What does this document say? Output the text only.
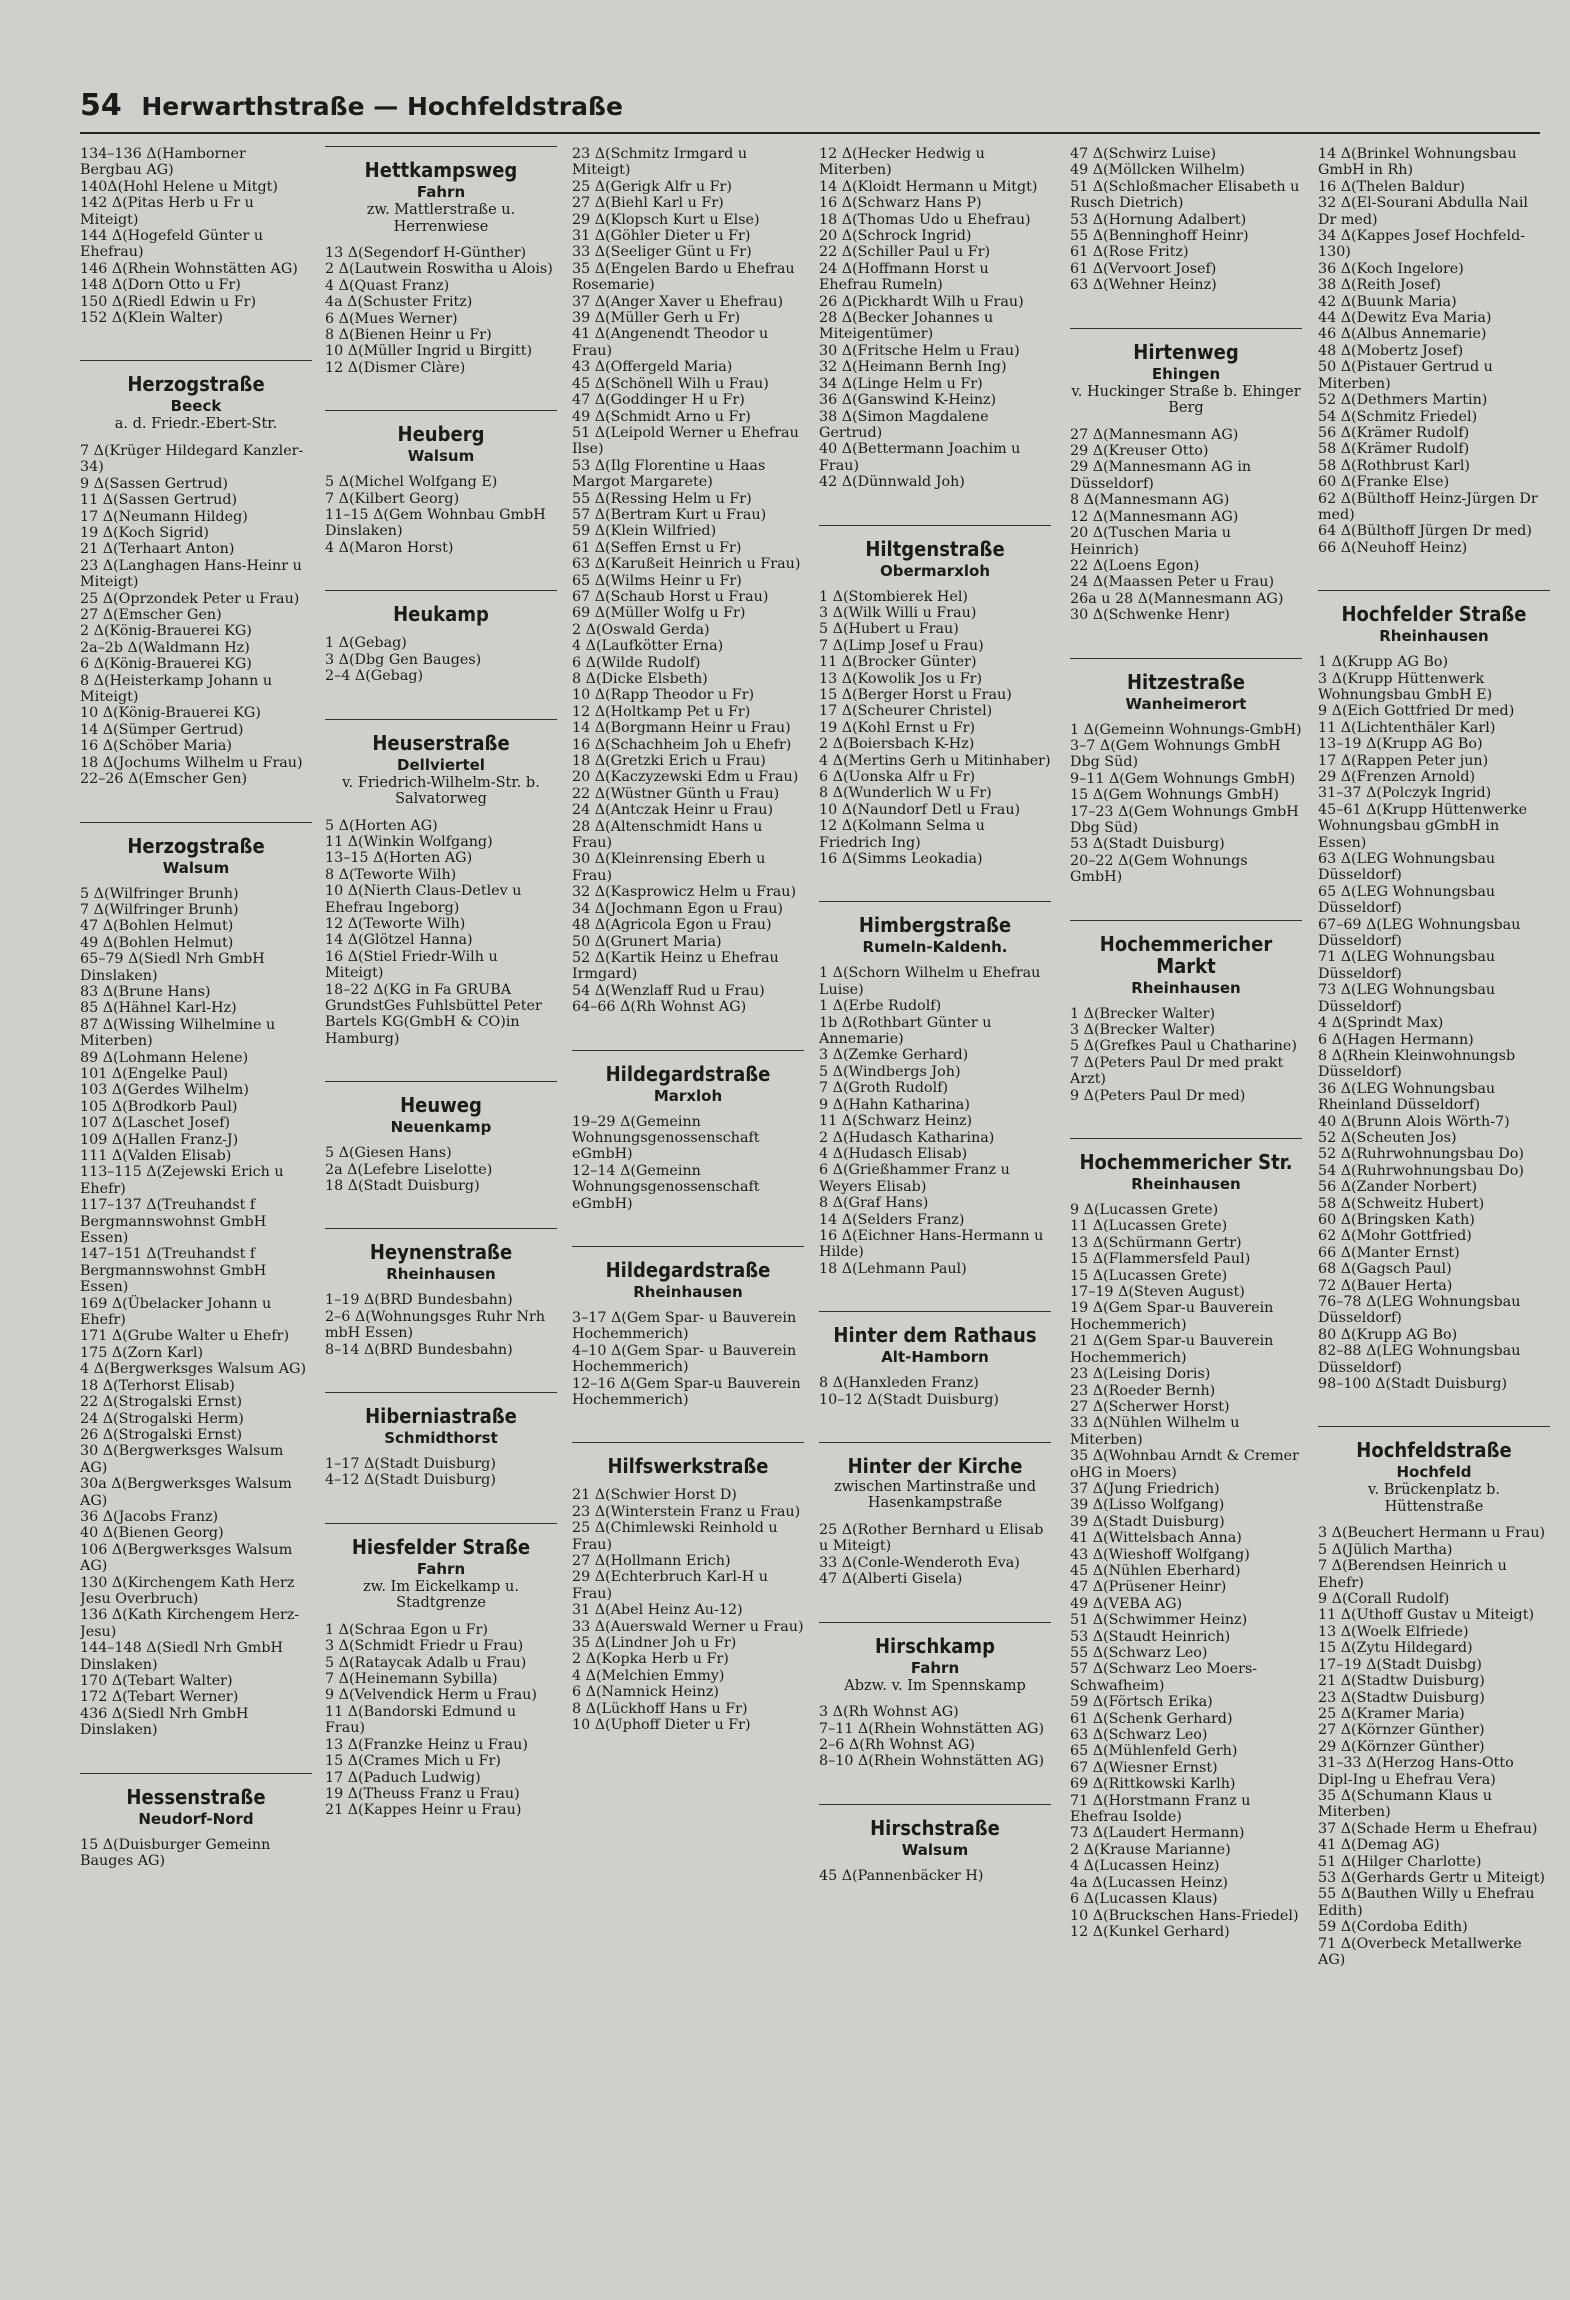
54 Herwarthstraße — Hochfeldstraße

134–136 Δ(Hamborner Bergbau AG)

140Δ(Hohl Helene u Mitgt)

142 Δ(Pitas Herb u Fr u Miteigt)

144 Δ(Hogefeld Günter u Ehefrau)

146 Δ(Rhein Wohnstätten AG)

148 Δ(Dorn Otto u Fr)

150 Δ(Riedl Edwin u Fr)

152 Δ(Klein Walter)

Herzogstraße
Beeck
a. d. Friedr.-Ebert-Str.

7 Δ(Krüger Hildegard Kanzler-34)

9 Δ(Sassen Gertrud)

11 Δ(Sassen Gertrud)

17 Δ(Neumann Hildeg)

19 Δ(Koch Sigrid)

21 Δ(Terhaart Anton)

23 Δ(Langhagen Hans-Heinr u Miteigt)

25 Δ(Oprzondek Peter u Frau)

27 Δ(Emscher Gen)

2 Δ(König-Brauerei KG)

2a–2b Δ(Waldmann Hz)

6 Δ(König-Brauerei KG)

8 Δ(Heisterkamp Johann u Miteigt)

10 Δ(König-Brauerei KG)

14 Δ(Sümper Gertrud)

16 Δ(Schöber Maria)

18 Δ(Jochums Wilhelm u Frau)

22–26 Δ(Emscher Gen)

Herzogstraße
Walsum

5 Δ(Wilfringer Brunh)

7 Δ(Wilfringer Brunh)

47 Δ(Bohlen Helmut)

49 Δ(Bohlen Helmut)

65–79 Δ(Siedl Nrh GmbH Dinslaken)

83 Δ(Brune Hans)

85 Δ(Hähnel Karl-Hz)

87 Δ(Wissing Wilhelmine u Miterben)

89 Δ(Lohmann Helene)

101 Δ(Engelke Paul)

103 Δ(Gerdes Wilhelm)

105 Δ(Brodkorb Paul)

107 Δ(Laschet Josef)

109 Δ(Hallen Franz-J)

111 Δ(Valden Elisab)

113–115 Δ(Zejewski Erich u Ehefr)

117–137 Δ(Treuhandst f Bergmannswohnst GmbH Essen)

147–151 Δ(Treuhandst f Bergmannswohnst GmbH Essen)

169 Δ(Übelacker Johann u Ehefr)

171 Δ(Grube Walter u Ehefr)

175 Δ(Zorn Karl)

4 Δ(Bergwerksges Walsum AG)

18 Δ(Terhorst Elisab)

22 Δ(Strogalski Ernst)

24 Δ(Strogalski Herm)

26 Δ(Strogalski Ernst)

30 Δ(Bergwerksges Walsum AG)

30a Δ(Bergwerksges Walsum AG)

36 Δ(Jacobs Franz)

40 Δ(Bienen Georg)

106 Δ(Bergwerksges Walsum AG)

130 Δ(Kirchengem Kath Herz Jesu Overbruch)

136 Δ(Kath Kirchengem Herz-Jesu)

144–148 Δ(Siedl Nrh GmbH Dinslaken)

170 Δ(Tebart Walter)

172 Δ(Tebart Werner)

436 Δ(Siedl Nrh GmbH Dinslaken)

Hessenstraße
Neudorf-Nord

15 Δ(Duisburger Gemeinn Bauges AG)

Hettkampsweg
Fahrn
zw. Mattlerstraße u. Herrenwiese

13 Δ(Segendorf H-Günther)

2 Δ(Lautwein Roswitha u Alois)

4 Δ(Quast Franz)

4a Δ(Schuster Fritz)

6 Δ(Mues Werner)

8 Δ(Bienen Heinr u Fr)

10 Δ(Müller Ingrid u Birgitt)

12 Δ(Dismer Clàre)

Heuberg
Walsum

5 Δ(Michel Wolfgang E)

7 Δ(Kilbert Georg)

11–15 Δ(Gem Wohnbau GmbH Dinslaken)

4 Δ(Maron Horst)

Heukamp

1 Δ(Gebag)

3 Δ(Dbg Gen Bauges)

2–4 Δ(Gebag)

Heuserstraße
Dellviertel
v. Friedrich-Wilhelm-Str. b. Salvatorweg

5 Δ(Horten AG)

11 Δ(Winkin Wolfgang)

13–15 Δ(Horten AG)

8 Δ(Teworte Wilh)

10 Δ(Nierth Claus-Detlev u Ehefrau Ingeborg)

12 Δ(Teworte Wilh)

14 Δ(Glötzel Hanna)

16 Δ(Stiel Friedr-Wilh u Miteigt)

18–22 Δ(KG in Fa GRUBA GrundstGes Fuhlsbüttel Peter Bartels KG(GmbH & CO)in Hamburg)

Heuweg
Neuenkamp

5 Δ(Giesen Hans)

2a Δ(Lefebre Liselotte)

18 Δ(Stadt Duisburg)

Heynenstraße
Rheinhausen

1–19 Δ(BRD Bundesbahn)

2–6 Δ(Wohnungsges Ruhr Nrh mbH Essen)

8–14 Δ(BRD Bundesbahn)

Hiberniastraße
Schmidthorst

1–17 Δ(Stadt Duisburg)

4–12 Δ(Stadt Duisburg)

Hiesfelder Straße
Fahrn
zw. Im Eickelkamp u. Stadtgrenze

1 Δ(Schraa Egon u Fr)

3 Δ(Schmidt Friedr u Frau)

5 Δ(Rataycak Adalb u Frau)

7 Δ(Heinemann Sybilla)

9 Δ(Velvendick Herm u Frau)

11 Δ(Bandorski Edmund u Frau)

13 Δ(Franzke Heinz u Frau)

15 Δ(Crames Mich u Fr)

17 Δ(Paduch Ludwig)

19 Δ(Theuss Franz u Frau)

21 Δ(Kappes Heinr u Frau)

23 Δ(Schmitz Irmgard u Miteigt)

25 Δ(Gerigk Alfr u Fr)

27 Δ(Biehl Karl u Fr)

29 Δ(Klopsch Kurt u Else)

31 Δ(Göhler Dieter u Fr)

33 Δ(Seeliger Günt u Fr)

35 Δ(Engelen Bardo u Ehefrau Rosemarie)

37 Δ(Anger Xaver u Ehefrau)

39 Δ(Müller Gerh u Fr)

41 Δ(Angenendt Theodor u Frau)

43 Δ(Offergeld Maria)

45 Δ(Schönell Wilh u Frau)

47 Δ(Goddinger H u Fr)

49 Δ(Schmidt Arno u Fr)

51 Δ(Leipold Werner u Ehefrau Ilse)

53 Δ(Ilg Florentine u Haas Margot Margarete)

55 Δ(Ressing Helm u Fr)

57 Δ(Bertram Kurt u Frau)

59 Δ(Klein Wilfried)

61 Δ(Seffen Ernst u Fr)

63 Δ(Karußeit Heinrich u Frau)

65 Δ(Wilms Heinr u Fr)

67 Δ(Schaub Horst u Frau)

69 Δ(Müller Wolfg u Fr)

2 Δ(Oswald Gerda)

4 Δ(Laufkötter Erna)

6 Δ(Wilde Rudolf)

8 Δ(Dicke Elsbeth)

10 Δ(Rapp Theodor u Fr)

12 Δ(Holtkamp Pet u Fr)

14 Δ(Borgmann Heinr u Frau)

16 Δ(Schachheim Joh u Ehefr)

18 Δ(Gretzki Erich u Frau)

20 Δ(Kaczyzewski Edm u Frau)

22 Δ(Wüstner Günth u Frau)

24 Δ(Antczak Heinr u Frau)

28 Δ(Altenschmidt Hans u Frau)

30 Δ(Kleinrensing Eberh u Frau)

32 Δ(Kasprowicz Helm u Frau)

34 Δ(Jochmann Egon u Frau)

48 Δ(Agricola Egon u Frau)

50 Δ(Grunert Maria)

52 Δ(Kartik Heinz u Ehefrau Irmgard)

54 Δ(Wenzlaff Rud u Frau)

64–66 Δ(Rh Wohnst AG)

Hildegardstraße
Marxloh

19–29 Δ(Gemeinn Wohnungsgenossenschaft eGmbH)

12–14 Δ(Gemeinn Wohnungsgenossenschaft eGmbH)

Hildegardstraße
Rheinhausen

3–17 Δ(Gem Spar- u Bauverein Hochemmerich)

4–10 Δ(Gem Spar- u Bauverein Hochemmerich)

12–16 Δ(Gem Spar-u Bauverein Hochemmerich)

Hilfswerkstraße

21 Δ(Schwier Horst D)

23 Δ(Winterstein Franz u Frau)

25 Δ(Chimlewski Reinhold u Frau)

27 Δ(Hollmann Erich)

29 Δ(Echterbruch Karl-H u Frau)

31 Δ(Abel Heinz Au-12)

33 Δ(Auerswald Werner u Frau)

35 Δ(Lindner Joh u Fr)

2 Δ(Kopka Herb u Fr)

4 Δ(Melchien Emmy)

6 Δ(Namnick Heinz)

8 Δ(Lückhoff Hans u Fr)

10 Δ(Uphoff Dieter u Fr)

12 Δ(Hecker Hedwig u Miterben)

14 Δ(Kloidt Hermann u Mitgt)

16 Δ(Schwarz Hans P)

18 Δ(Thomas Udo u Ehefrau)

20 Δ(Schrock Ingrid)

22 Δ(Schiller Paul u Fr)

24 Δ(Hoffmann Horst u Ehefrau Rumeln)

26 Δ(Pickhardt Wilh u Frau)

28 Δ(Becker Johannes u Miteigentümer)

30 Δ(Fritsche Helm u Frau)

32 Δ(Heimann Bernh Ing)

34 Δ(Linge Helm u Fr)

36 Δ(Ganswind K-Heinz)

38 Δ(Simon Magdalene Gertrud)

40 Δ(Bettermann Joachim u Frau)

42 Δ(Dünnwald Joh)

Hiltgenstraße
Obermarxloh

1 Δ(Stombierek Hel)

3 Δ(Wilk Willi u Frau)

5 Δ(Hubert u Frau)

7 Δ(Limp Josef u Frau)

11 Δ(Brocker Günter)

13 Δ(Kowolik Jos u Fr)

15 Δ(Berger Horst u Frau)

17 Δ(Scheurer Christel)

19 Δ(Kohl Ernst u Fr)

2 Δ(Boiersbach K-Hz)

4 Δ(Mertins Gerh u Mitinhaber)

6 Δ(Uonska Alfr u Fr)

8 Δ(Wunderlich W u Fr)

10 Δ(Naundorf Detl u Frau)

12 Δ(Kolmann Selma u Friedrich Ing)

16 Δ(Simms Leokadia)

Himbergstraße
Rumeln-Kaldenh.

1 Δ(Schorn Wilhelm u Ehefrau Luise)

1 Δ(Erbe Rudolf)

1b Δ(Rothbart Günter u Annemarie)

3 Δ(Zemke Gerhard)

5 Δ(Windbergs Joh)

7 Δ(Groth Rudolf)

9 Δ(Hahn Katharina)

11 Δ(Schwarz Heinz)

2 Δ(Hudasch Katharina)

4 Δ(Hudasch Elisab)

6 Δ(Grießhammer Franz u Weyers Elisab)

8 Δ(Graf Hans)

14 Δ(Selders Franz)

16 Δ(Eichner Hans-Hermann u Hilde)

18 Δ(Lehmann Paul)

Hinter dem Rathaus
Alt-Hamborn

8 Δ(Hanxleden Franz)

10–12 Δ(Stadt Duisburg)

Hinter der Kirche
zwischen Martinstraße und Hasenkampstraße

25 Δ(Rother Bernhard u Elisab u Miteigt)

33 Δ(Conle-Wenderoth Eva)

47 Δ(Alberti Gisela)

Hirschkamp
Fahrn
Abzw. v. Im Spennskamp

3 Δ(Rh Wohnst AG)

7–11 Δ(Rhein Wohnstätten AG)

2–6 Δ(Rh Wohnst AG)

8–10 Δ(Rhein Wohnstätten AG)

Hirschstraße
Walsum

45 Δ(Pannenbäcker H)

47 Δ(Schwirz Luise)

49 Δ(Möllcken Wilhelm)

51 Δ(Schloßmacher Elisabeth u Rusch Dietrich)

53 Δ(Hornung Adalbert)

55 Δ(Benninghoff Heinr)

61 Δ(Rose Fritz)

61 Δ(Vervoort Josef)

63 Δ(Wehner Heinz)

Hirtenweg
Ehingen
v. Huckinger Straße b. Ehinger Berg

27 Δ(Mannesmann AG)

29 Δ(Kreuser Otto)

29 Δ(Mannesmann AG in Düsseldorf)

8 Δ(Mannesmann AG)

12 Δ(Mannesmann AG)

20 Δ(Tuschen Maria u Heinrich)

22 Δ(Loens Egon)

24 Δ(Maassen Peter u Frau)

26a u 28 Δ(Mannesmann AG)

30 Δ(Schwenke Henr)

Hitzestraße
Wanheimerort

1 Δ(Gemeinn Wohnungs-GmbH)

3–7 Δ(Gem Wohnungs GmbH Dbg Süd)

9–11 Δ(Gem Wohnungs GmbH)

15 Δ(Gem Wohnungs GmbH)

17–23 Δ(Gem Wohnungs GmbH Dbg Süd)

53 Δ(Stadt Duisburg)

20–22 Δ(Gem Wohnungs GmbH)

Hochemmericher Markt
Rheinhausen

1 Δ(Brecker Walter)

3 Δ(Brecker Walter)

5 Δ(Grefkes Paul u Chatharine)

7 Δ(Peters Paul Dr med prakt Arzt)

9 Δ(Peters Paul Dr med)

Hochemmericher Str.
Rheinhausen

9 Δ(Lucassen Grete)

11 Δ(Lucassen Grete)

13 Δ(Schürmann Gertr)

15 Δ(Flammersfeld Paul)

15 Δ(Lucassen Grete)

17–19 Δ(Steven August)

19 Δ(Gem Spar-u Bauverein Hochemmerich)

21 Δ(Gem Spar-u Bauverein Hochemmerich)

23 Δ(Leising Doris)

23 Δ(Roeder Bernh)

27 Δ(Scherwer Horst)

33 Δ(Nühlen Wilhelm u Miterben)

35 Δ(Wohnbau Arndt & Cremer oHG in Moers)

37 Δ(Jung Friedrich)

39 Δ(Lisso Wolfgang)

39 Δ(Stadt Duisburg)

41 Δ(Wittelsbach Anna)

43 Δ(Wieshoff Wolfgang)

45 Δ(Nühlen Eberhard)

47 Δ(Prüsener Heinr)

49 Δ(VEBA AG)

51 Δ(Schwimmer Heinz)

53 Δ(Staudt Heinrich)

55 Δ(Schwarz Leo)

57 Δ(Schwarz Leo Moers-Schwafheim)

59 Δ(Förtsch Erika)

61 Δ(Schenk Gerhard)

63 Δ(Schwarz Leo)

65 Δ(Mühlenfeld Gerh)

67 Δ(Wiesner Ernst)

69 Δ(Rittkowski Karlh)

71 Δ(Horstmann Franz u Ehefrau Isolde)

73 Δ(Laudert Hermann)

2 Δ(Krause Marianne)

4 Δ(Lucassen Heinz)

4a Δ(Lucassen Heinz)

6 Δ(Lucassen Klaus)

10 Δ(Bruckschen Hans-Friedel)

12 Δ(Kunkel Gerhard)

14 Δ(Brinkel Wohnungsbau GmbH in Rh)

16 Δ(Thelen Baldur)

32 Δ(El-Sourani Abdulla Nail Dr med)

34 Δ(Kappes Josef Hochfeld-130)

36 Δ(Koch Ingelore)

38 Δ(Reith Josef)

42 Δ(Buunk Maria)

44 Δ(Dewitz Eva Maria)

46 Δ(Albus Annemarie)

48 Δ(Mobertz Josef)

50 Δ(Pistauer Gertrud u Miterben)

52 Δ(Dethmers Martin)

54 Δ(Schmitz Friedel)

56 Δ(Krämer Rudolf)

58 Δ(Krämer Rudolf)

58 Δ(Rothbrust Karl)

60 Δ(Franke Else)

62 Δ(Bülthoff Heinz-Jürgen Dr med)

64 Δ(Bülthoff Jürgen Dr med)

66 Δ(Neuhoff Heinz)

Hochfelder Straße
Rheinhausen

1 Δ(Krupp AG Bo)

3 Δ(Krupp Hüttenwerk Wohnungsbau GmbH E)

9 Δ(Eich Gottfried Dr med)

11 Δ(Lichtenthäler Karl)

13–19 Δ(Krupp AG Bo)

17 Δ(Rappen Peter jun)

29 Δ(Frenzen Arnold)

31–37 Δ(Polczyk Ingrid)

45–61 Δ(Krupp Hüttenwerke Wohnungsbau gGmbH in Essen)

63 Δ(LEG Wohnungsbau Düsseldorf)

65 Δ(LEG Wohnungsbau Düsseldorf)

67–69 Δ(LEG Wohnungsbau Düsseldorf)

71 Δ(LEG Wohnungsbau Düsseldorf)

73 Δ(LEG Wohnungsbau Düsseldorf)

4 Δ(Sprindt Max)

6 Δ(Hagen Hermann)

8 Δ(Rhein Kleinwohnungsb Düsseldorf)

36 Δ(LEG Wohnungsbau Rheinland Düsseldorf)

40 Δ(Brunn Alois Wörth-7)

52 Δ(Scheuten Jos)

52 Δ(Ruhrwohnungsbau Do)

54 Δ(Ruhrwohnungsbau Do)

56 Δ(Zander Norbert)

58 Δ(Schweitz Hubert)

60 Δ(Bringsken Kath)

62 Δ(Mohr Gottfried)

66 Δ(Manter Ernst)

68 Δ(Gagsch Paul)

72 Δ(Bauer Herta)

76–78 Δ(LEG Wohnungsbau Düsseldorf)

80 Δ(Krupp AG Bo)

82–88 Δ(LEG Wohnungsbau Düsseldorf)

98–100 Δ(Stadt Duisburg)

Hochfeldstraße
Hochfeld
v. Brückenplatz b. Hüttenstraße

3 Δ(Beuchert Hermann u Frau)

5 Δ(Jülich Martha)

7 Δ(Berendsen Heinrich u Ehefr)

9 Δ(Corall Rudolf)

11 Δ(Uthoff Gustav u Miteigt)

13 Δ(Woelk Elfriede)

15 Δ(Zytu Hildegard)

17–19 Δ(Stadt Duisbg)

21 Δ(Stadtw Duisburg)

23 Δ(Stadtw Duisburg)

25 Δ(Kramer Maria)

27 Δ(Körnzer Günther)

29 Δ(Körnzer Günther)

31–33 Δ(Herzog Hans-Otto Dipl-Ing u Ehefrau Vera)

35 Δ(Schumann Klaus u Miterben)

37 Δ(Schade Herm u Ehefrau)

41 Δ(Demag AG)

51 Δ(Hilger Charlotte)

53 Δ(Gerhards Gertr u Miteigt)

55 Δ(Bauthen Willy u Ehefrau Edith)

59 Δ(Cordoba Edith)

71 Δ(Overbeck Metallwerke AG)
